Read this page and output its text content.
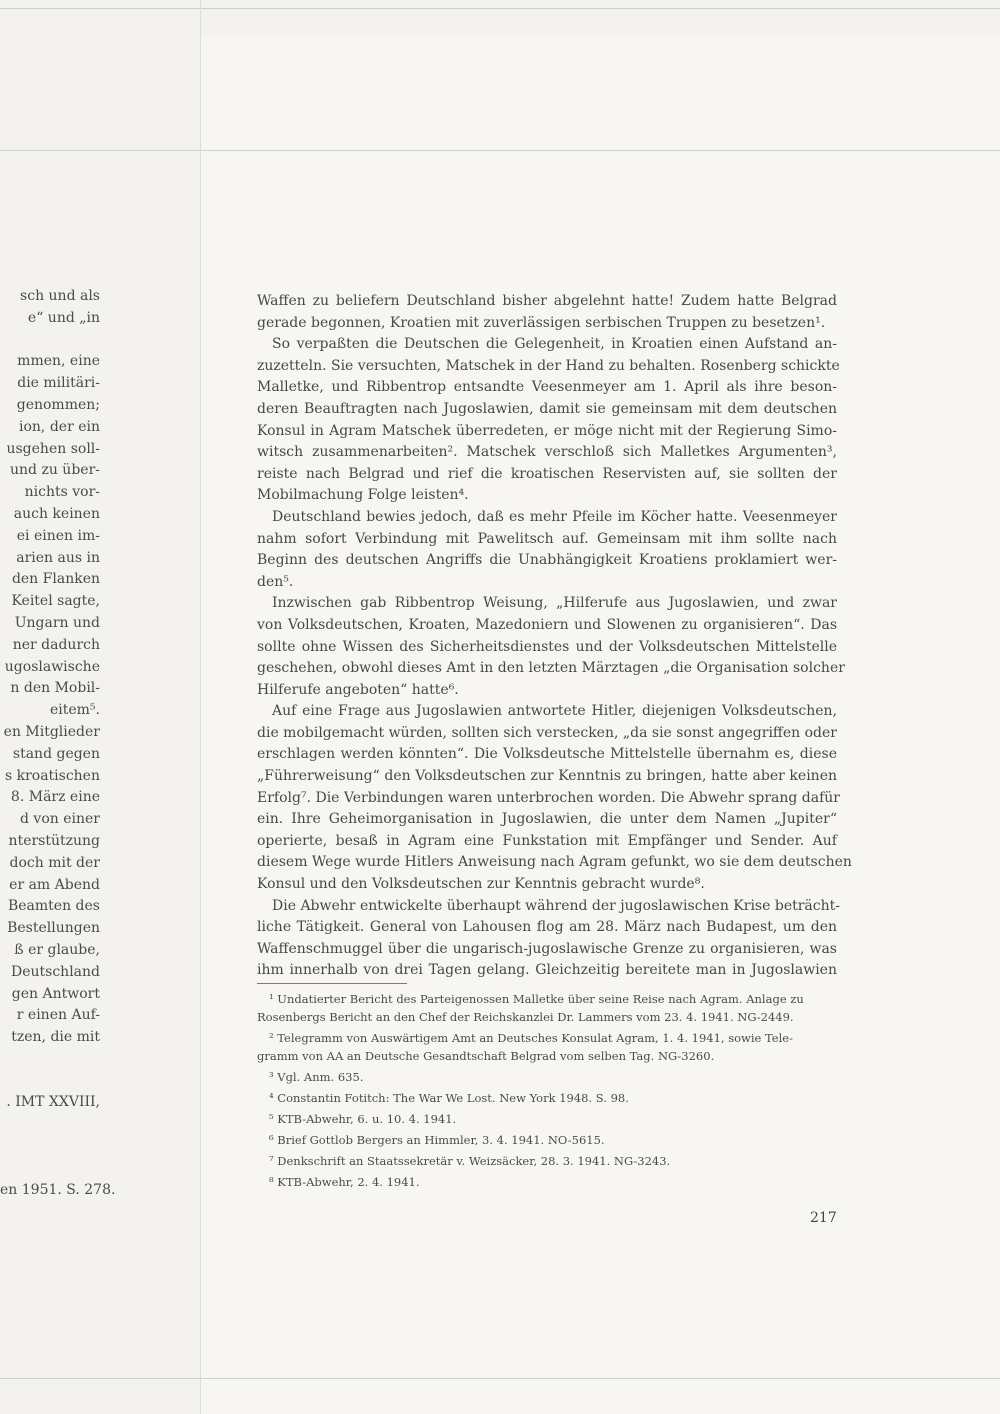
sch und als
e“ und „in
mmen, eine
die militäri-
genommen;
ion, der ein
usgehen soll-
und zu über-
nichts vor-
auch keinen
ei einen im-
arien aus in
den Flanken
Keitel sagte,
Ungarn und
ner dadurch
ugoslawische
n den Mobil-
eitem⁵.
en Mitglieder
stand gegen
s kroatischen
8. März eine
d von einer
nterstützung
doch mit der
er am Abend
Beamten des
Bestellungen
ß er glaube,
Deutschland
gen Antwort
r einen Auf-
tzen, die mit
. IMT XXVIII,
en 1951. S. 278.

Waffen zu beliefern Deutschland bisher abgelehnt hatte! Zudem hatte Belgrad
gerade begonnen, Kroatien mit zuverlässigen serbischen Truppen zu besetzen¹.

So verpaßten die Deutschen die Gelegenheit, in Kroatien einen Aufstand an-
zuzetteln. Sie versuchten, Matschek in der Hand zu behalten. Rosenberg schickte
Malletke, und Ribbentrop entsandte Veesenmeyer am 1. April als ihre beson-
deren Beauftragten nach Jugoslawien, damit sie gemeinsam mit dem deutschen
Konsul in Agram Matschek überredeten, er möge nicht mit der Regierung Simo-
witsch zusammenarbeiten². Matschek verschloß sich Malletkes Argumenten³,
reiste nach Belgrad und rief die kroatischen Reservisten auf, sie sollten der
Mobilmachung Folge leisten⁴.

Deutschland bewies jedoch, daß es mehr Pfeile im Köcher hatte. Veesenmeyer
nahm sofort Verbindung mit Pawelitsch auf. Gemeinsam mit ihm sollte nach
Beginn des deutschen Angriffs die Unabhängigkeit Kroatiens proklamiert wer-
den⁵.

Inzwischen gab Ribbentrop Weisung, „Hilferufe aus Jugoslawien, und zwar
von Volksdeutschen, Kroaten, Mazedoniern und Slowenen zu organisieren“. Das
sollte ohne Wissen des Sicherheitsdienstes und der Volksdeutschen Mittelstelle
geschehen, obwohl dieses Amt in den letzten Märztagen „die Organisation solcher
Hilferufe angeboten“ hatte⁶.

Auf eine Frage aus Jugoslawien antwortete Hitler, diejenigen Volksdeutschen,
die mobilgemacht würden, sollten sich verstecken, „da sie sonst angegriffen oder
erschlagen werden könnten“. Die Volksdeutsche Mittelstelle übernahm es, diese
„Führerweisung“ den Volksdeutschen zur Kenntnis zu bringen, hatte aber keinen
Erfolg⁷. Die Verbindungen waren unterbrochen worden. Die Abwehr sprang dafür
ein. Ihre Geheimorganisation in Jugoslawien, die unter dem Namen „Jupiter“
operierte, besaß in Agram eine Funkstation mit Empfänger und Sender. Auf
diesem Wege wurde Hitlers Anweisung nach Agram gefunkt, wo sie dem deutschen
Konsul und den Volksdeutschen zur Kenntnis gebracht wurde⁸.

Die Abwehr entwickelte überhaupt während der jugoslawischen Krise beträcht-
liche Tätigkeit. General von Lahousen flog am 28. März nach Budapest, um den
Waffenschmuggel über die ungarisch-jugoslawische Grenze zu organisieren, was
ihm innerhalb von drei Tagen gelang. Gleichzeitig bereitete man in Jugoslawien

¹ Undatierter Bericht des Parteigenossen Malletke über seine Reise nach Agram. Anlage zu
Rosenbergs Bericht an den Chef der Reichskanzlei Dr. Lammers vom 23. 4. 1941. NG-2449.

² Telegramm von Auswärtigem Amt an Deutsches Konsulat Agram, 1. 4. 1941, sowie Tele-
gramm von AA an Deutsche Gesandtschaft Belgrad vom selben Tag. NG-3260.

³ Vgl. Anm. 635.

⁴ Constantin Fotitch: The War We Lost. New York 1948. S. 98.

⁵ KTB-Abwehr, 6. u. 10. 4. 1941.

⁶ Brief Gottlob Bergers an Himmler, 3. 4. 1941. NO-5615.

⁷ Denkschrift an Staatssekretär v. Weizsäcker, 28. 3. 1941. NG-3243.

⁸ KTB-Abwehr, 2. 4. 1941.

217
